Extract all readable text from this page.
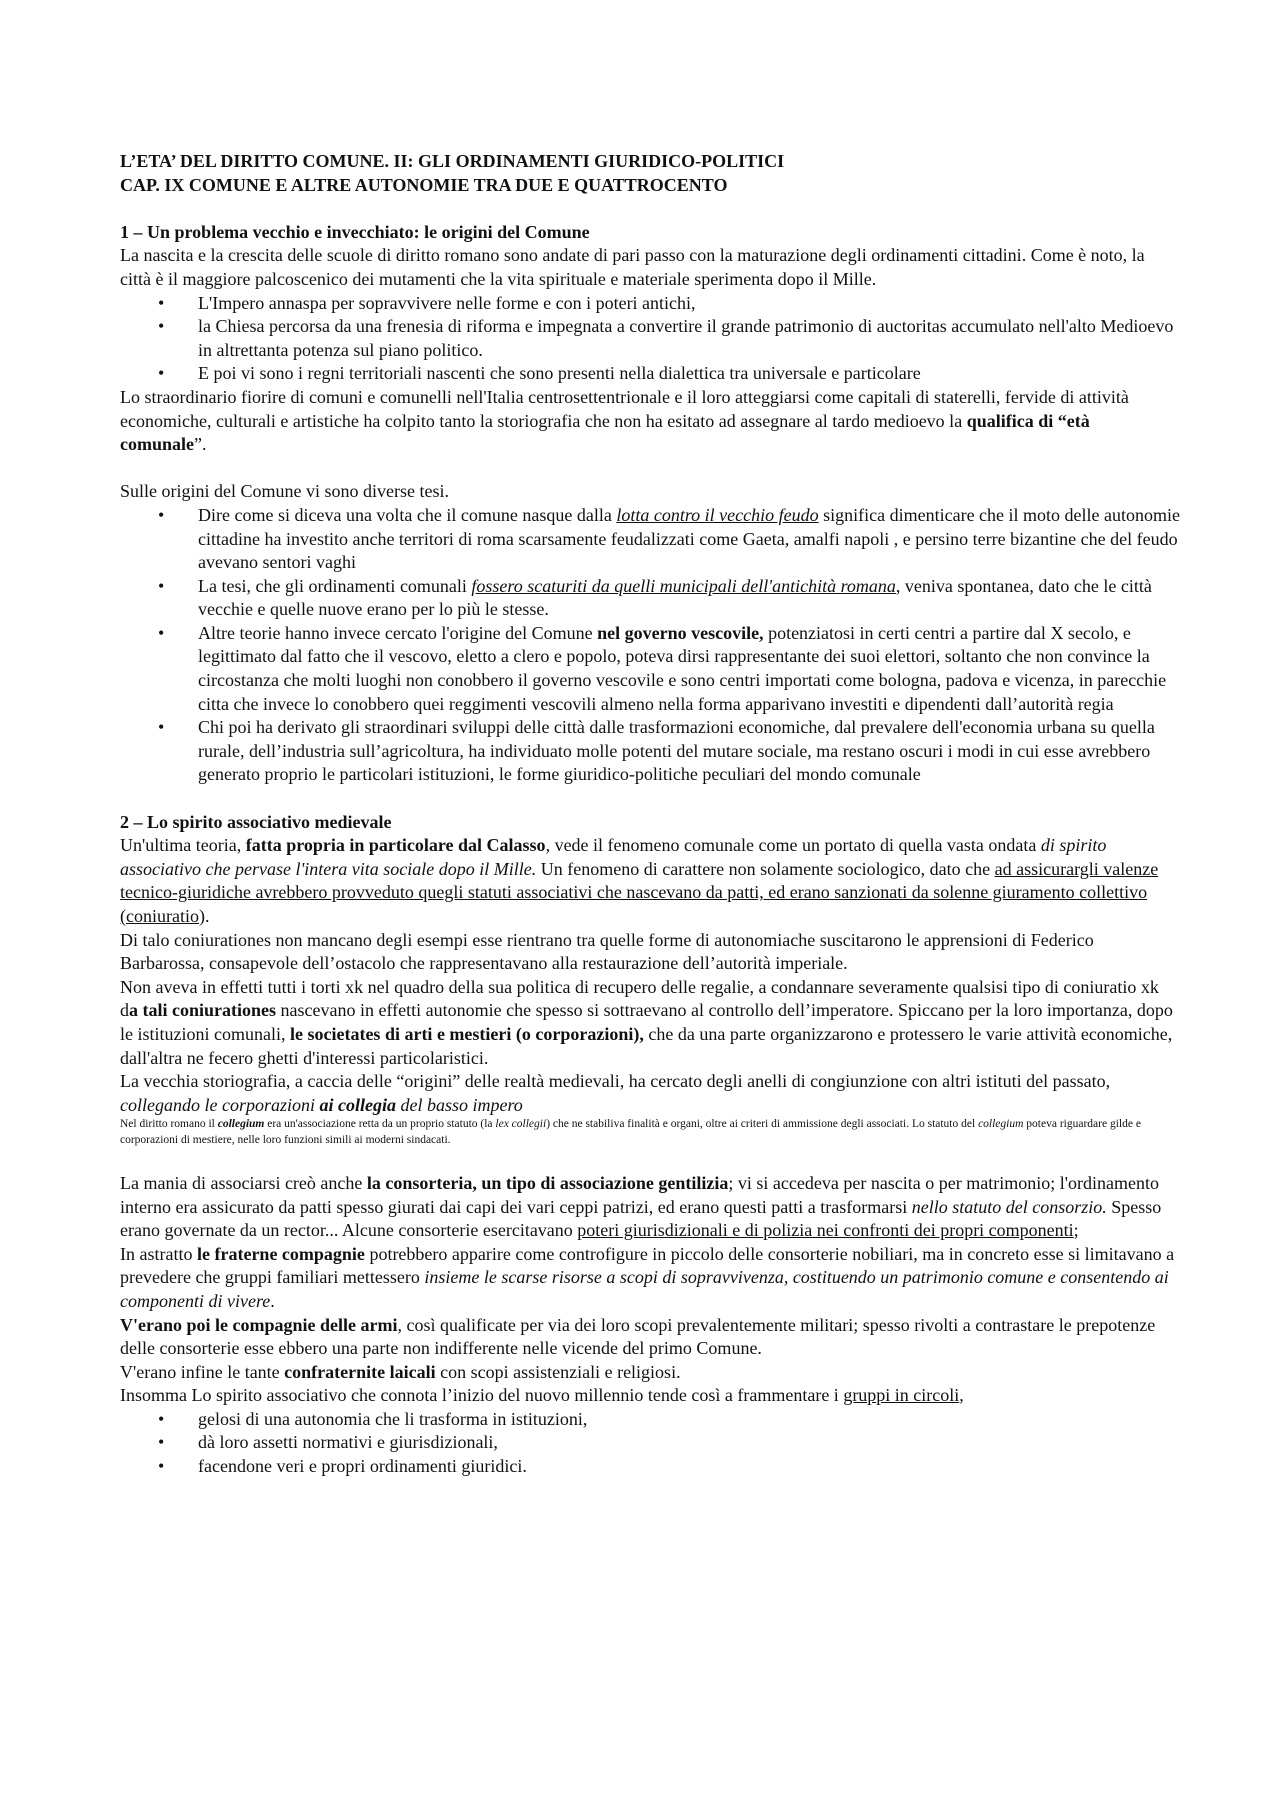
L’ETA’ DEL DIRITTO COMUNE. II: GLI ORDINAMENTI GIURIDICO-POLITICI

CAP. IX COMUNE E ALTRE AUTONOMIE TRA DUE E QUATTROCENTO

1 – Un problema vecchio e invecchiato: le origini del Comune

La nascita e la crescita delle scuole di diritto romano sono andate di pari passo con la maturazione degli ordinamenti cittadini. Come è noto, la città è il maggiore palcoscenico dei mutamenti che la vita spirituale e materiale sperimenta dopo il Mille.

• L'Impero annaspa per sopravvivere nelle forme e con i poteri antichi,
• la Chiesa percorsa da una frenesia di riforma e impegnata a convertire il grande patrimonio di auctoritas accumulato nell'alto Medioevo in altrettanta potenza sul piano politico.
• E poi vi sono i regni territoriali nascenti che sono presenti nella dialettica tra universale e particolare

Lo straordinario fiorire di comuni e comunelli nell'Italia centrosettentrionale e il loro atteggiarsi come capitali di staterelli, fervide di attività economiche, culturali e artistiche ha colpito tanto la storiografia che non ha esitato ad assegnare al tardo medioevo la qualifica di “età comunale”.

Sulle origini del Comune vi sono diverse tesi.

• Dire come si diceva una volta che il comune nasque dalla lotta contro il vecchio feudo significa dimenticare che il moto delle autonomie cittadine ha investito anche territori di roma scarsamente feudalizzati come Gaeta, amalfi napoli , e persino terre bizantine che del feudo avevano sentori vaghi
• La tesi, che gli ordinamenti comunali fossero scaturiti da quelli municipali dell'antichità romana, veniva spontanea, dato che le città vecchie e quelle nuove erano per lo più le stesse.
• Altre teorie hanno invece cercato l'origine del Comune nel governo vescovile, potenziatosi in certi centri a partire dal X secolo, e legittimato dal fatto che il vescovo, eletto a clero e popolo, poteva dirsi rappresentante dei suoi elettori, soltanto che non convince la circostanza che molti luoghi non conobbero il governo vescovile e sono centri importati come bologna, padova e vicenza, in parecchie citta che invece lo conobbero quei reggimenti vescovili almeno nella forma apparivano investiti e dipendenti dall’autorità regia
• Chi poi ha derivato gli straordinari sviluppi delle città dalle trasformazioni economiche, dal prevalere dell'economia urbana su quella rurale, dell’industria sull’agricoltura, ha individuato molle potenti del mutare sociale, ma restano oscuri i modi in cui esse avrebbero generato proprio le particolari istituzioni, le forme giuridico-politiche peculiari del mondo comunale

2 – Lo spirito associativo medievale

Un'ultima teoria, fatta propria in particolare dal Calasso, vede il fenomeno comunale come un portato di quella vasta ondata di spirito associativo che pervase l'intera vita sociale dopo il Mille. Un fenomeno di carattere non solamente sociologico, dato che ad assicurargli valenze tecnico-giuridiche avrebbero provveduto quegli statuti associativi che nascevano da patti, ed erano sanzionati da solenne giuramento collettivo (coniuratio).

Di talo coniurationes non mancano degli esempi esse rientrano tra quelle forme di autonomiache suscitarono le apprensioni di Federico Barbarossa, consapevole dell’ostacolo che rappresentavano alla restaurazione dell’autorità imperiale.

Non aveva in effetti tutti i torti xk nel quadro della sua politica di recupero delle regalie, a condannare severamente qualsisi tipo di coniuratio xk da tali coniurationes nascevano in effetti autonomie che spesso si sottraevano al controllo dell’imperatore. Spiccano per la loro importanza, dopo le istituzioni comunali, le societates di arti e mestieri (o corporazioni), che da una parte organizzarono e protessero le varie attività economiche, dall'altra ne fecero ghetti d'interessi particolaristici.

La vecchia storiografia, a caccia delle “origini” delle realtà medievali, ha cercato degli anelli di congiunzione con altri istituti del passato, collegando le corporazioni ai collegia del basso impero

Nel diritto romano il collegium era un'associazione retta da un proprio statuto (la lex collegii) che ne stabiliva finalità e organi, oltre ai criteri di ammissione degli associati. Lo statuto del collegium poteva riguardare gilde e corporazioni di mestiere, nelle loro funzioni simili ai moderni sindacati.

La mania di associarsi creò anche la consorteria, un tipo di associazione gentilizia; vi si accedeva per nascita o per matrimonio; l'ordinamento interno era assicurato da patti spesso giurati dai capi dei vari ceppi patrizi, ed erano questi patti a trasformarsi nello statuto del consorzio. Spesso erano governate da un rector... Alcune consorterie esercitavano poteri giurisdizionali e di polizia nei confronti dei propri componenti;

In astratto le fraterne compagnie potrebbero apparire come controfigure in piccolo delle consorterie nobiliari, ma in concreto esse si limitavano a prevedere che gruppi familiari mettessero insieme le scarse risorse a scopi di sopravvivenza, costituendo un patrimonio comune e consentendo ai componenti di vivere.

V'erano poi le compagnie delle armi, così qualificate per via dei loro scopi prevalentemente militari; spesso rivolti a contrastare le prepotenze delle consorterie esse ebbero una parte non indifferente nelle vicende del primo Comune.

V'erano infine le tante confraternite laicali con scopi assistenziali e religiosi.

Insomma Lo spirito associativo che connota l’inizio del nuovo millennio tende così a frammentare i gruppi in circoli,

• gelosi di una autonomia che li trasforma in istituzioni,
• dà loro assetti normativi e giurisdizionali,
• facendone veri e propri ordinamenti giuridici.
